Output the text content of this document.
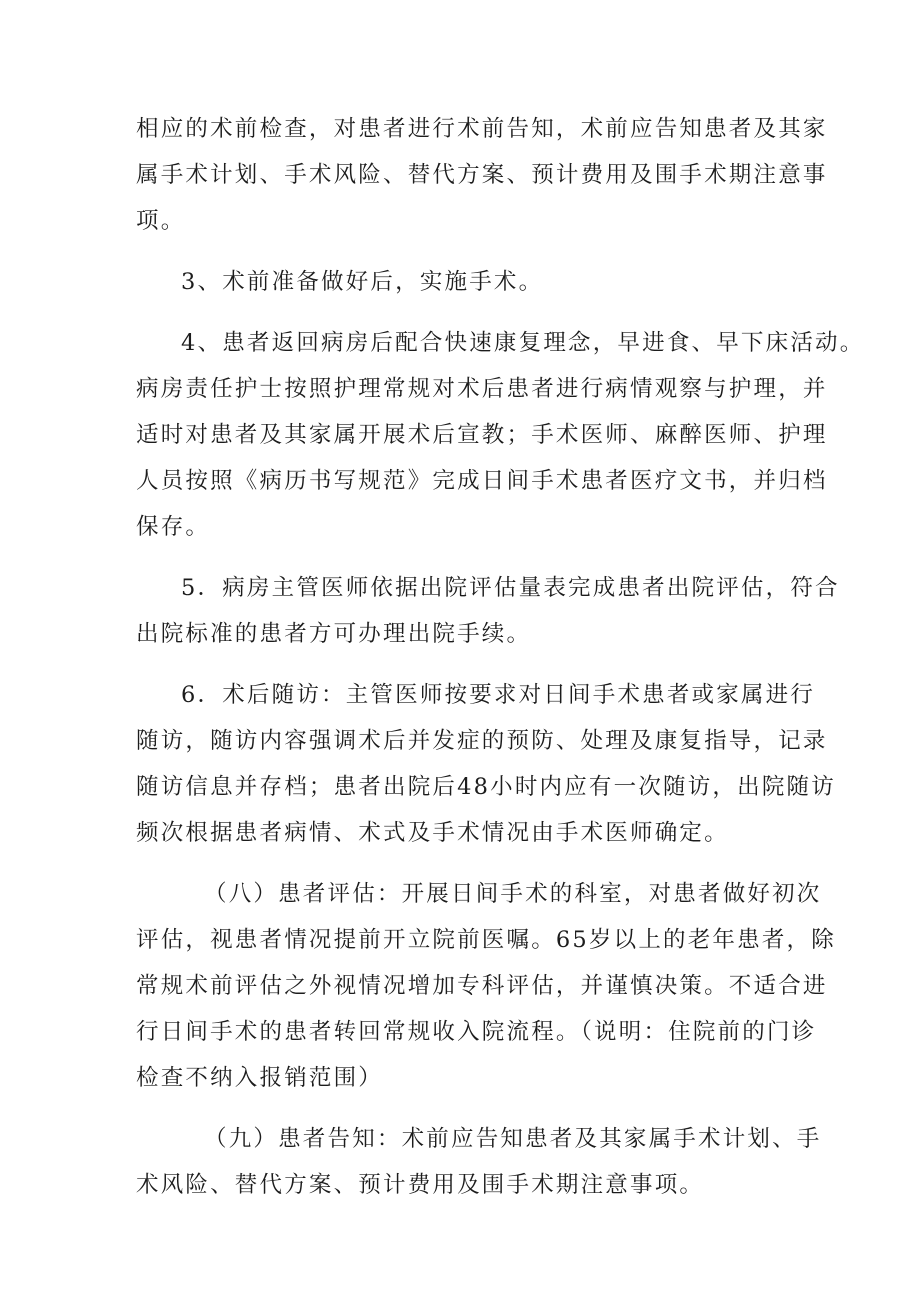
相应的术前检查，对患者进行术前告知，术前应告知患者及其家
属手术计划、手术风险、替代方案、预计费用及围手术期注意事
项。

3、术前准备做好后，实施手术。

4、患者返回病房后配合快速康复理念，早进食、早下床活动。
病房责任护士按照护理常规对术后患者进行病情观察与护理，并
适时对患者及其家属开展术后宣教；手术医师、麻醉医师、护理
人员按照《病历书写规范》完成日间手术患者医疗文书，并归档
保存。

5．病房主管医师依据出院评估量表完成患者出院评估，符合
出院标准的患者方可办理出院手续。

6．术后随访：主管医师按要求对日间手术患者或家属进行
随访，随访内容强调术后并发症的预防、处理及康复指导，记录
随访信息并存档；患者出院后48小时内应有一次随访，出院随访
频次根据患者病情、术式及手术情况由手术医师确定。

（八）患者评估：开展日间手术的科室，对患者做好初次
评估，视患者情况提前开立院前医嘱。65岁以上的老年患者，除
常规术前评估之外视情况增加专科评估，并谨慎决策。不适合进
行日间手术的患者转回常规收入院流程。（说明：住院前的门诊
检查不纳入报销范围）

（九）患者告知：术前应告知患者及其家属手术计划、手
术风险、替代方案、预计费用及围手术期注意事项。
